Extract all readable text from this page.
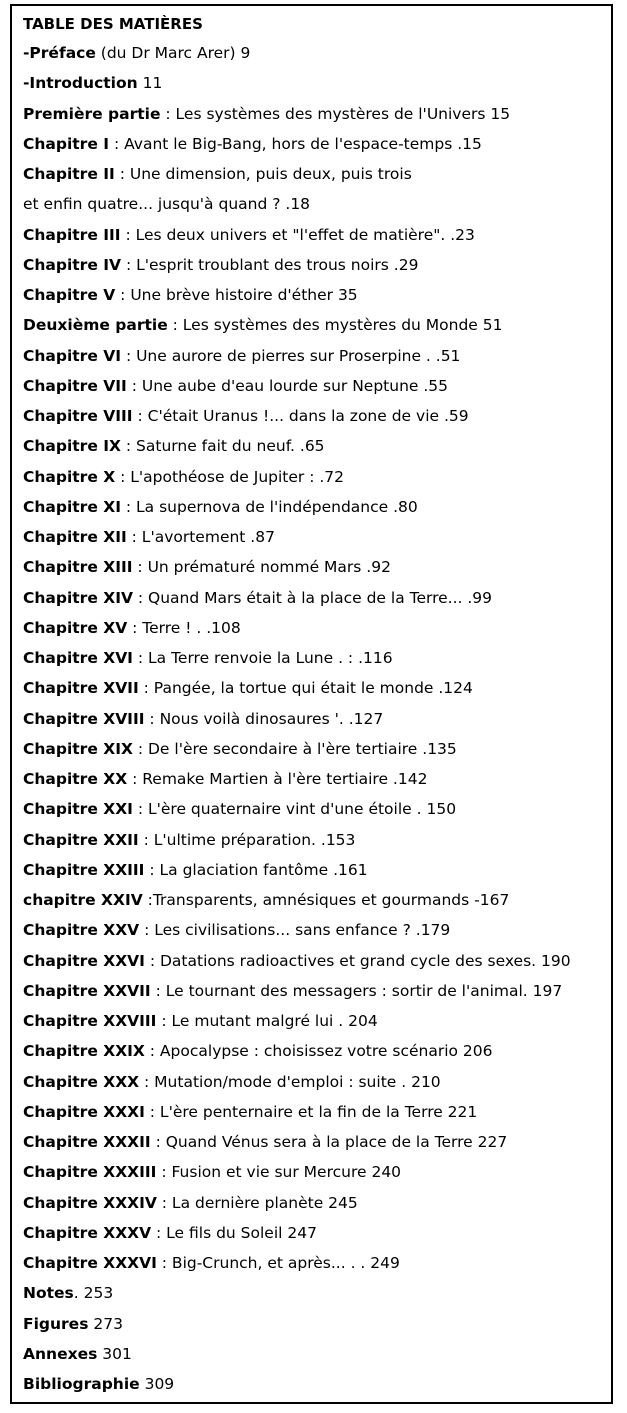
TABLE DES MATIÈRES
-Préface (du Dr Marc Arer) 9
-Introduction 11
Première partie : Les systèmes des mystères de l'Univers 15
Chapitre I : Avant le Big-Bang, hors de l'espace-temps .15
Chapitre II : Une dimension, puis deux, puis trois
et enfin quatre... jusqu'à quand ? .18
Chapitre III : Les deux univers et "l'effet de matière". .23
Chapitre IV : L'esprit troublant des trous noirs .29
Chapitre V : Une brève histoire d'éther 35
Deuxième partie : Les systèmes des mystères du Monde 51
Chapitre VI : Une aurore de pierres sur Proserpine . .51
Chapitre VII : Une aube d'eau lourde sur Neptune .55
Chapitre VIII : C'était Uranus !... dans la zone de vie .59
Chapitre IX : Saturne fait du neuf. .65
Chapitre X : L'apothéose de Jupiter : .72
Chapitre XI : La supernova de l'indépendance .80
Chapitre XII : L'avortement .87
Chapitre XIII : Un prématuré nommé Mars .92
Chapitre XIV : Quand Mars était à la place de la Terre... .99
Chapitre XV : Terre ! . .108
Chapitre XVI : La Terre renvoie la Lune . : .116
Chapitre XVII : Pangée, la tortue qui était le monde .124
Chapitre XVIII : Nous voilà dinosaures '. .127
Chapitre XIX : De l'ère secondaire à l'ère tertiaire .135
Chapitre XX : Remake Martien à l'ère tertiaire .142
Chapitre XXI : L'ère quaternaire vint d'une étoile . 150
Chapitre XXII : L'ultime préparation. .153
Chapitre XXIII : La glaciation fantôme .161
chapitre XXIV :Transparents, amnésiques et gourmands -167
Chapitre XXV : Les civilisations... sans enfance ? .179
Chapitre XXVI : Datations radioactives et grand cycle des sexes. 190
Chapitre XXVII : Le tournant des messagers : sortir de l'animal. 197
Chapitre XXVIII : Le mutant malgré lui . 204
Chapitre XXIX : Apocalypse : choisissez votre scénario 206
Chapitre XXX : Mutation/mode d'emploi : suite . 210
Chapitre XXXI : L'ère penternaire et la fin de la Terre 221
Chapitre XXXII : Quand Vénus sera à la place de la Terre 227
Chapitre XXXIII : Fusion et vie sur Mercure 240
Chapitre XXXIV : La dernière planète 245
Chapitre XXXV : Le fils du Soleil 247
Chapitre XXXVI : Big-Crunch, et après... . . 249
Notes. 253
Figures 273
Annexes 301
Bibliographie 309
